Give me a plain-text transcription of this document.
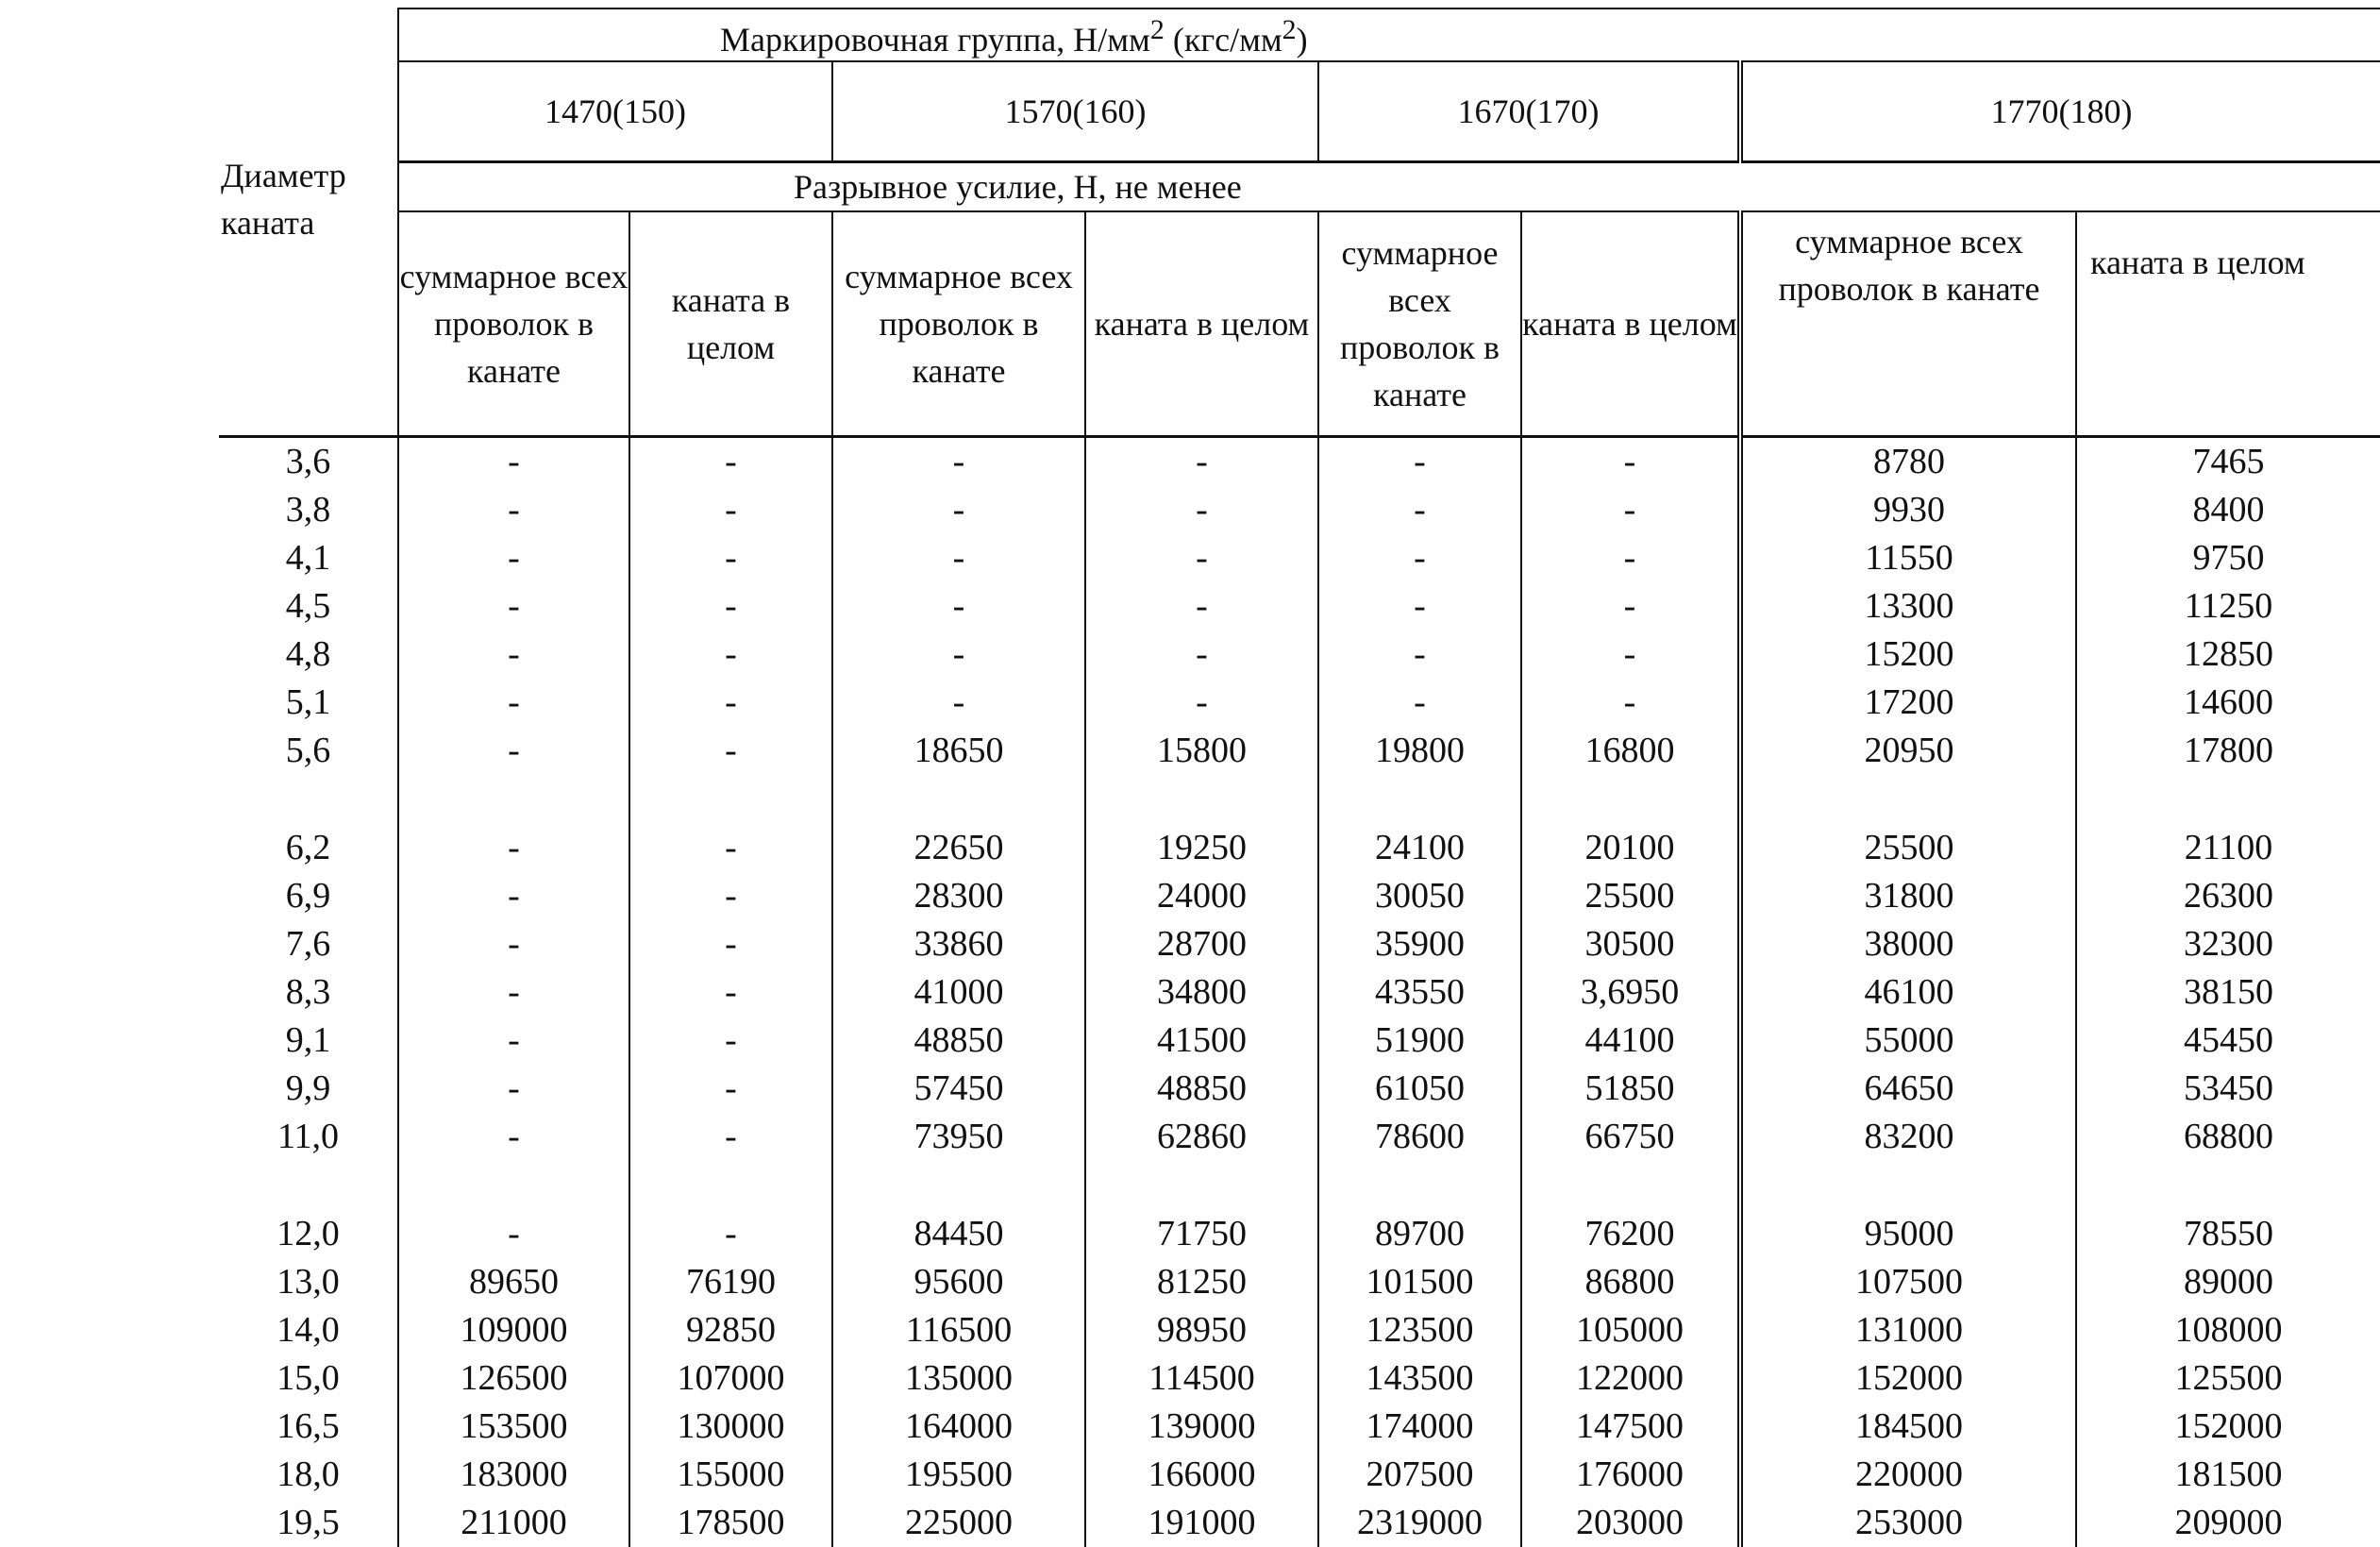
Диаметр каната	Маркировочная группа, $Н/мм^2$ $(кгс/мм^2)$							
	1470(150)		1570(160)		1670(170)		1770(180)	
	Разрывное усилие, Н, не менее							
	суммарное всех проволок в канате	каната в целом	суммарное всех проволок в канате	каната в целом	суммарное всех проволок в канате	каната в целом	суммарное всех проволок в канате	каната в целом
3,6	-	-	-	-	-	-	8780	7465
3,8	-	-	-	-	-	-	9930	8400
4,1	-	-	-	-	-	-	11550	9750
4,5	-	-	-	-	-	-	13300	11250
4,8	-	-	-	-	-	-	15200	12850
5,1	-	-	-	-	-	-	17200	14600
5,6	-	-	18650	15800	19800	16800	20950	17800

6,2	-	-	22650	19250	24100	20100	25500	21100
6,9	-	-	28300	24000	30050	25500	31800	26300
7,6	-	-	33860	28700	35900	30500	38000	32300
8,3	-	-	41000	34800	43550	3,6950	46100	38150
9,1	-	-	48850	41500	51900	44100	55000	45450
9,9	-	-	57450	48850	61050	51850	64650	53450
11,0	-	-	73950	62860	78600	66750	83200	68800

12,0	-	-	84450	71750	89700	76200	95000	78550
13,0	89650	76190	95600	81250	101500	86800	107500	89000
14,0	109000	92850	116500	98950	123500	105000	131000	108000
15,0	126500	107000	135000	114500	143500	122000	152000	125500
16,5	153500	130000	164000	139000	174000	147500	184500	152000
18,0	183000	155000	195500	166000	207500	176000	220000	181500
19,5	211000	178500	225000	191000	2319000	203000	253000	209000
